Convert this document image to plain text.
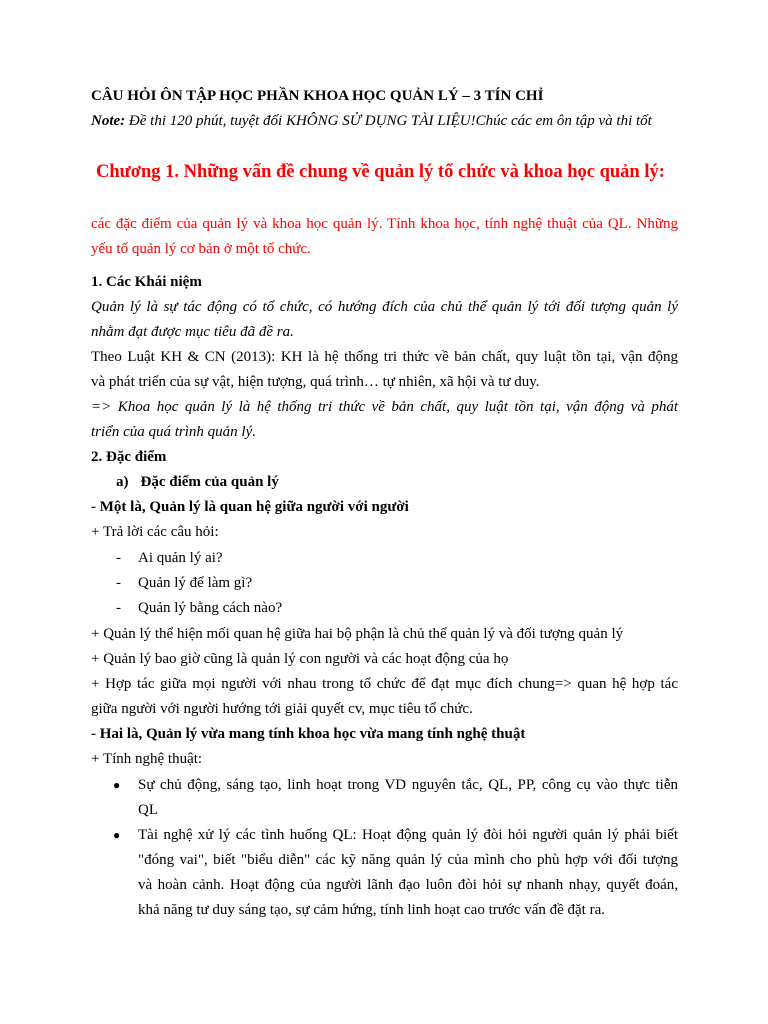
CÂU HỎI ÔN TẬP HỌC PHẦN KHOA HỌC QUẢN LÝ – 3 TÍN CHỈ
Note: Đề thi 120 phút, tuyệt đối KHÔNG SỬ DỤNG TÀI LIỆU!Chúc các em ôn tập và thi tốt
Chương 1. Những vấn đề chung về quản lý tổ chức và khoa học quản lý:
các đặc điểm của quản lý và khoa học quản lý. Tính khoa học, tính nghệ thuật của QL. Những
yếu tố quản lý cơ bản ở một tổ chức.
1. Các Khái niệm
Quản lý là sự tác động có tổ chức, có hướng đích của chủ thể quản lý tới đối tượng quản lý
nhằm đạt được mục tiêu đã đề ra.
Theo Luật KH & CN (2013): KH là hệ thống tri thức về bản chất, quy luật tồn tại, vận động
và phát triển của sự vật, hiện tượng, quá trình… tự nhiên, xã hội và tư duy.
=> Khoa học quản lý là hệ thống tri thức về bản chất, quy luật tồn tại, vận động và phát
triển của quá trình quản lý.
2. Đặc điểm
a) Đặc điểm của quản lý
- Một là, Quản lý là quan hệ giữa người với người
+ Trả lời các câu hỏi:
-	Ai quản lý ai?
-	Quản lý để làm gì?
-	Quản lý bằng cách nào?
+ Quản lý thể hiện mối quan hệ giữa hai bộ phận là chủ thể quản lý và đối tượng quản lý
+ Quản lý bao giờ cũng là quản lý con người và các hoạt động của họ
+ Hợp tác giữa mọi người với nhau trong tổ chức để đạt mục đích chung=> quan hệ hợp tác
giữa người với người hướng tới giải quyết cv, mục tiêu tổ chức.
- Hai là, Quản lý vừa mang tính khoa học vừa mang tính nghệ thuật
+ Tính nghệ thuật:
● Sự chủ động, sáng tạo, linh hoạt trong VD nguyên tắc, QL, PP, công cụ vào thực tiễn
QL
● Tài nghệ xử lý các tình huống QL: Hoạt động quản lý đòi hỏi người quản lý phải biết
"đóng vai", biết "biểu diễn" các kỹ năng quản lý của mình cho phù hợp với đối tượng
và hoàn cảnh. Hoạt động của người lãnh đạo luôn đòi hỏi sự nhanh nhạy, quyết đoán,
khả năng tư duy sáng tạo, sự cảm hứng, tính linh hoạt cao trước vấn đề đặt ra.
